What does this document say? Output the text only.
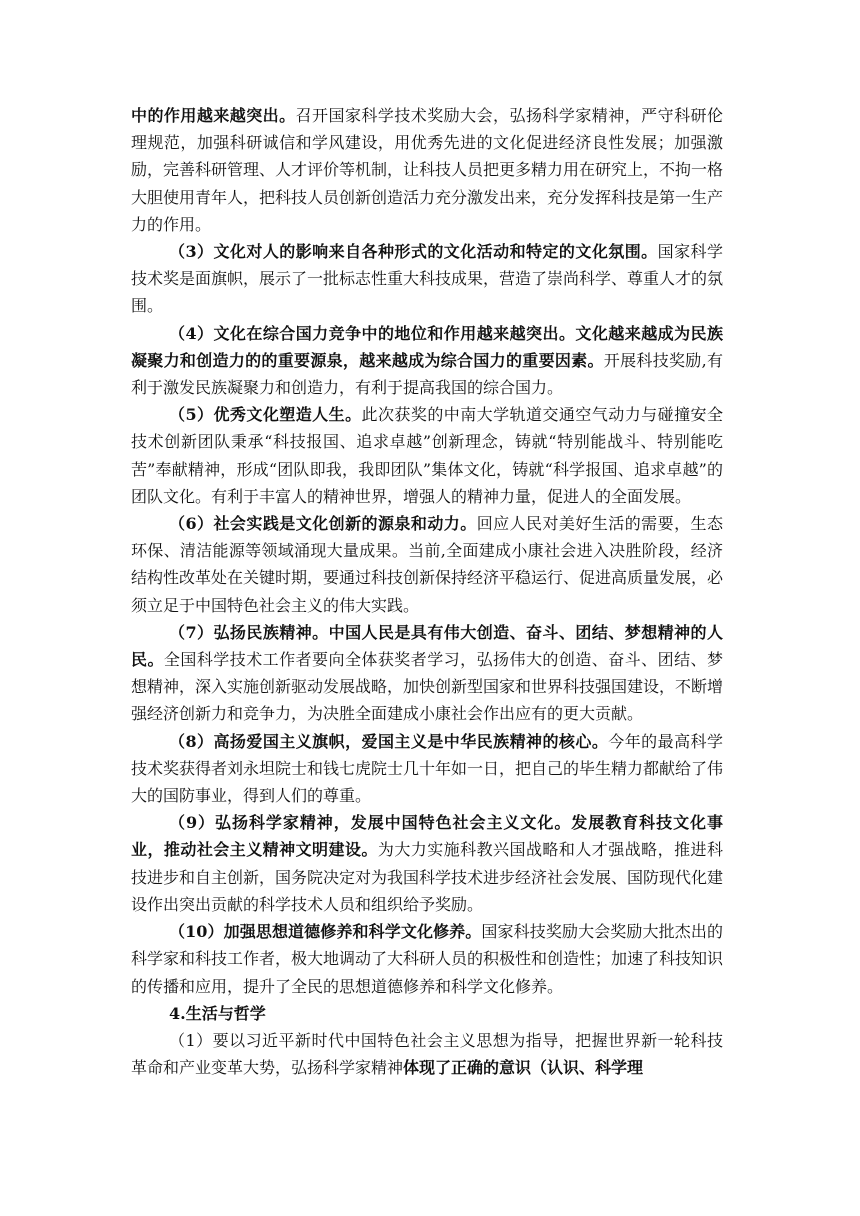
中的作用越来越突出。召开国家科学技术奖励大会，弘扬科学家精神，严守科研伦理规范，加强科研诚信和学风建设，用优秀先进的文化促进经济良性发展；加强激励，完善科研管理、人才评价等机制，让科技人员把更多精力用在研究上，不拘一格大胆使用青年人，把科技人员创新创造活力充分激发出来，充分发挥科技是第一生产力的作用。

（3）文化对人的影响来自各种形式的文化活动和特定的文化氛围。国家科学技术奖是面旗帜，展示了一批标志性重大科技成果，营造了崇尚科学、尊重人才的氛围。

（4）文化在综合国力竞争中的地位和作用越来越突出。文化越来越成为民族凝聚力和创造力的的重要源泉，越来越成为综合国力的重要因素。开展科技奖励,有利于激发民族凝聚力和创造力，有利于提高我国的综合国力。

（5）优秀文化塑造人生。此次获奖的中南大学轨道交通空气动力与碰撞安全技术创新团队秉承“科技报国、追求卓越”创新理念，铸就“特别能战斗、特别能吃苦”奉献精神，形成“团队即我，我即团队”集体文化，铸就“科学报国、追求卓越”的团队文化。有利于丰富人的精神世界，增强人的精神力量，促进人的全面发展。

（6）社会实践是文化创新的源泉和动力。回应人民对美好生活的需要，生态环保、清洁能源等领域涌现大量成果。当前,全面建成小康社会进入决胜阶段，经济结构性改革处在关键时期，要通过科技创新保持经济平稳运行、促进高质量发展，必须立足于中国特色社会主义的伟大实践。

（7）弘扬民族精神。中国人民是具有伟大创造、奋斗、团结、梦想精神的人民。全国科学技术工作者要向全体获奖者学习，弘扬伟大的创造、奋斗、团结、梦想精神，深入实施创新驱动发展战略，加快创新型国家和世界科技强国建设，不断增强经济创新力和竞争力，为决胜全面建成小康社会作出应有的更大贡献。

（8）高扬爱国主义旗帜，爱国主义是中华民族精神的核心。今年的最高科学技术奖获得者刘永坦院士和钱七虎院士几十年如一日，把自己的毕生精力都献给了伟大的国防事业，得到人们的尊重。

（9）弘扬科学家精神，发展中国特色社会主义文化。发展教育科技文化事业，推动社会主义精神文明建设。为大力实施科教兴国战略和人才强战略，推进科技进步和自主创新，国务院决定对为我国科学技术进步经济社会发展、国防现代化建设作出突出贡献的科学技术人员和组织给予奖励。

（10）加强思想道德修养和科学文化修养。国家科技奖励大会奖励大批杰出的科学家和科技工作者，极大地调动了大科研人员的积极性和创造性；加速了科技知识的传播和应用，提升了全民的思想道德修养和科学文化修养。

4.生活与哲学

（1）要以习近平新时代中国特色社会主义思想为指导，把握世界新一轮科技革命和产业变革大势，弘扬科学家精神体现了正确的意识（认识、科学理
